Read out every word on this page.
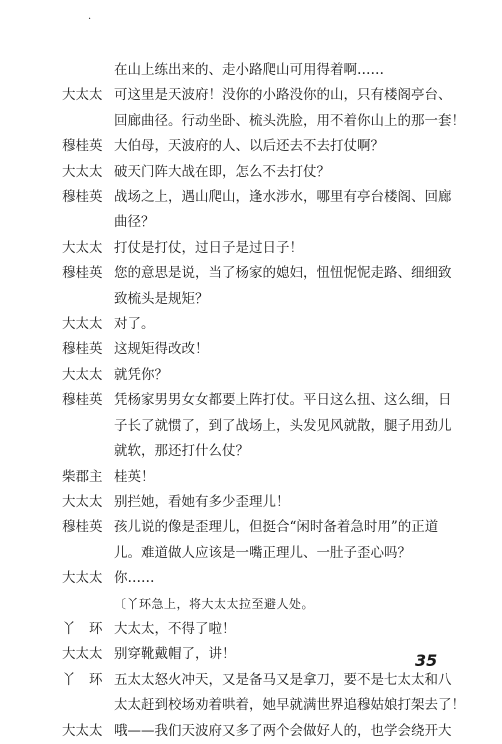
·
在山上练出来的、走小路爬山可用得着啊……
大太太 可这里是天波府！没你的小路没你的山，只有楼阁亭台、
回廊曲径。行动坐卧、梳头洗脸，用不着你山上的那一套！
穆桂英 大伯母，天波府的人、以后还去不去打仗啊？
大太太 破天门阵大战在即，怎么不去打仗？
穆桂英 战场之上，遇山爬山，逢水涉水，哪里有亭台楼阁、回廊
曲径？
大太太 打仗是打仗，过日子是过日子！
穆桂英 您的意思是说，当了杨家的媳妇，忸忸怩怩走路、细细致
致梳头是规矩？
大太太 对了。
穆桂英 这规矩得改改！
大太太 就凭你？
穆桂英 凭杨家男男女女都要上阵打仗。平日这么扭、这么细，日
子长了就惯了，到了战场上，头发见风就散，腿子用劲儿
就软，那还打什么仗？
柴郡主 桂英！
大太太 别拦她，看她有多少歪理儿！
穆桂英 孩儿说的像是歪理儿，但挺合“闲时备着急时用”的正道
儿。难道做人应该是一嘴正理儿、一肚子歪心吗？
大太太 你……
〔丫环急上，将大太太拉至避人处。
丫　环 大太太，不得了啦！
大太太 别穿靴戴帽了，讲！
丫　环 五太太怒火冲天，又是备马又是拿刀，要不是七太太和八
太太赶到校场劝着哄着，她早就满世界追穆姑娘打架去了！
大太太 哦——我们天波府又多了两个会做好人的，也学会绕开大
35
